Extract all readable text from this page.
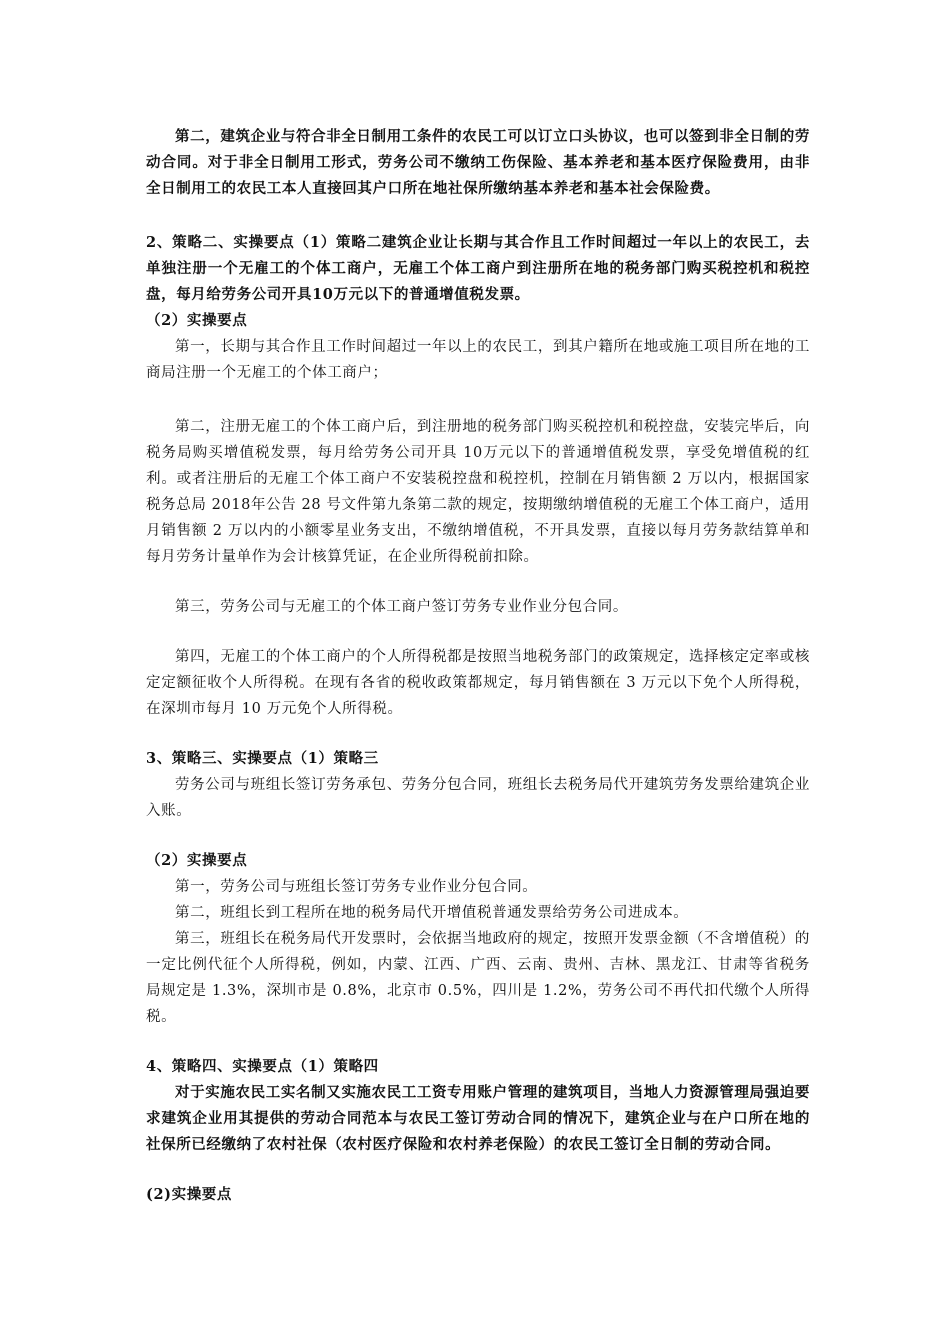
第二，建筑企业与符合非全日制用工条件的农民工可以订立口头协议，也可以签到非全日制的劳动合同。对于非全日制用工形式，劳务公司不缴纳工伤保险、基本养老和基本医疗保险费用，由非全日制用工的农民工本人直接回其户口所在地社保所缴纳基本养老和基本社会保险费。

2、策略二、实操要点（1）策略二建筑企业让长期与其合作且工作时间超过一年以上的农民工，去单独注册一个无雇工的个体工商户，无雇工个体工商户到注册所在地的税务部门购买税控机和税控盘，每月给劳务公司开具10万元以下的普通增值税发票。

（2）实操要点

第一，长期与其合作且工作时间超过一年以上的农民工，到其户籍所在地或施工项目所在地的工商局注册一个无雇工的个体工商户；

第二，注册无雇工的个体工商户后，到注册地的税务部门购买税控机和税控盘，安装完毕后，向税务局购买增值税发票，每月给劳务公司开具 10万元以下的普通增值税发票，享受免增值税的红利。或者注册后的无雇工个体工商户不安装税控盘和税控机，控制在月销售额 2 万以内，根据国家税务总局 2018年公告 28 号文件第九条第二款的规定，按期缴纳增值税的无雇工个体工商户，适用月销售额 2 万以内的小额零星业务支出，不缴纳增值税，不开具发票，直接以每月劳务款结算单和每月劳务计量单作为会计核算凭证，在企业所得税前扣除。

第三，劳务公司与无雇工的个体工商户签订劳务专业作业分包合同。

第四，无雇工的个体工商户的个人所得税都是按照当地税务部门的政策规定，选择核定定率或核定定额征收个人所得税。在现有各省的税收政策都规定，每月销售额在 3 万元以下免个人所得税，在深圳市每月 10 万元免个人所得税。

3、策略三、实操要点（1）策略三

劳务公司与班组长签订劳务承包、劳务分包合同，班组长去税务局代开建筑劳务发票给建筑企业入账。

（2）实操要点

第一，劳务公司与班组长签订劳务专业作业分包合同。

第二，班组长到工程所在地的税务局代开增值税普通发票给劳务公司进成本。

第三，班组长在税务局代开发票时，会依据当地政府的规定，按照开发票金额（不含增值税）的一定比例代征个人所得税，例如，内蒙、江西、广西、云南、贵州、吉林、黑龙江、甘肃等省税务局规定是 1.3%，深圳市是 0.8%，北京市 0.5%，四川是 1.2%，劳务公司不再代扣代缴个人所得税。

4、策略四、实操要点（1）策略四

对于实施农民工实名制又实施农民工工资专用账户管理的建筑项目，当地人力资源管理局强迫要求建筑企业用其提供的劳动合同范本与农民工签订劳动合同的情况下，建筑企业与在户口所在地的社保所已经缴纳了农村社保（农村医疗保险和农村养老保险）的农民工签订全日制的劳动合同。

(2)实操要点
